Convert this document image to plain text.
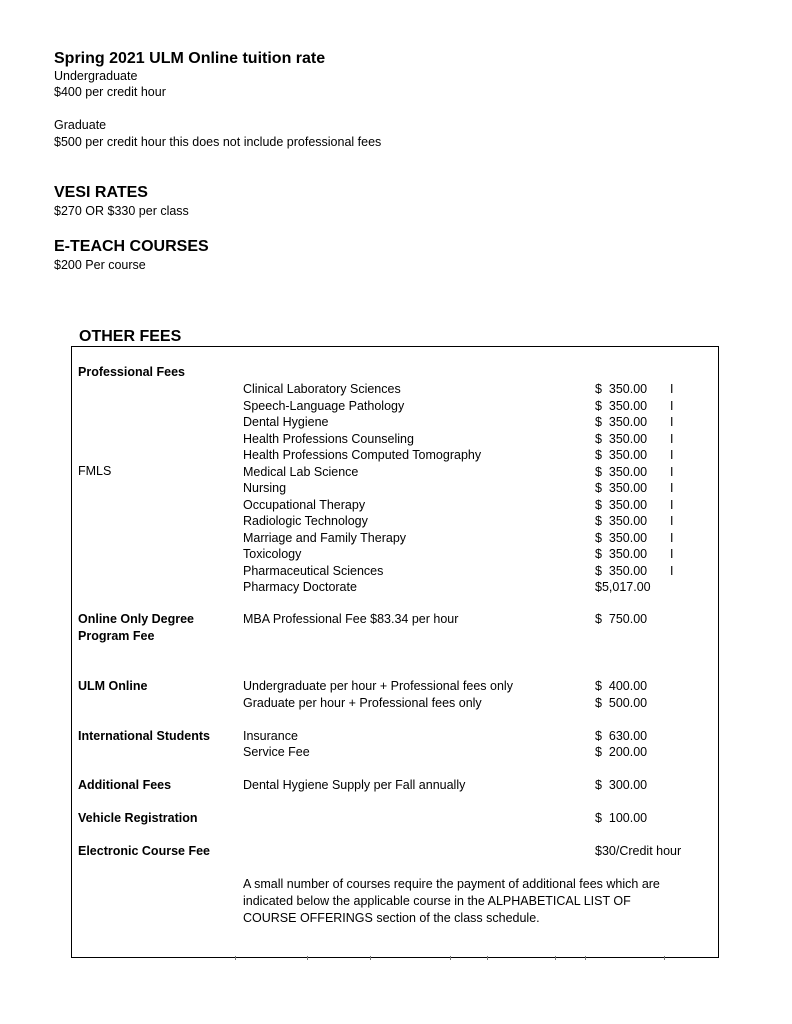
Spring 2021 ULM Online tuition rate
Undergraduate
$400 per credit hour
Graduate
$500 per credit hour this does not include professional fees
VESI RATES
$270 OR $330 per class
E-TEACH COURSES
$200 Per course
OTHER FEES
Professional Fees
FMLS
Clinical Laboratory Sciences	$  350.00 I
Speech-Language Pathology	$  350.00 I
Dental Hygiene	$  350.00 I
Health Professions Counseling	$  350.00 I
Health Professions Computed Tomography	$  350.00 I
Medical Lab Science	$  350.00 I
Nursing	$  350.00 I
Occupational Therapy	$  350.00 I
Radiologic Technology	$  350.00 I
Marriage and Family Therapy	$  350.00 I
Toxicology	$  350.00 I
Pharmaceutical Sciences	$  350.00 I
Pharmacy Doctorate	$5,017.00
Online Only Degree Program Fee
MBA Professional Fee $83.34 per hour	$  750.00
ULM Online	Undergraduate per hour + Professional fees only	$  400.00
Graduate per hour + Professional fees only	$  500.00
International Students	Insurance	$  630.00
Service Fee	$  200.00
Additional Fees	Dental Hygiene Supply per Fall annually	$  300.00
Vehicle Registration	$  100.00
Electronic Course Fee	$30/Credit hour
A small number of courses require the payment of additional fees which are indicated below the applicable course in the ALPHABETICAL LIST OF COURSE OFFERINGS section of the class schedule.
